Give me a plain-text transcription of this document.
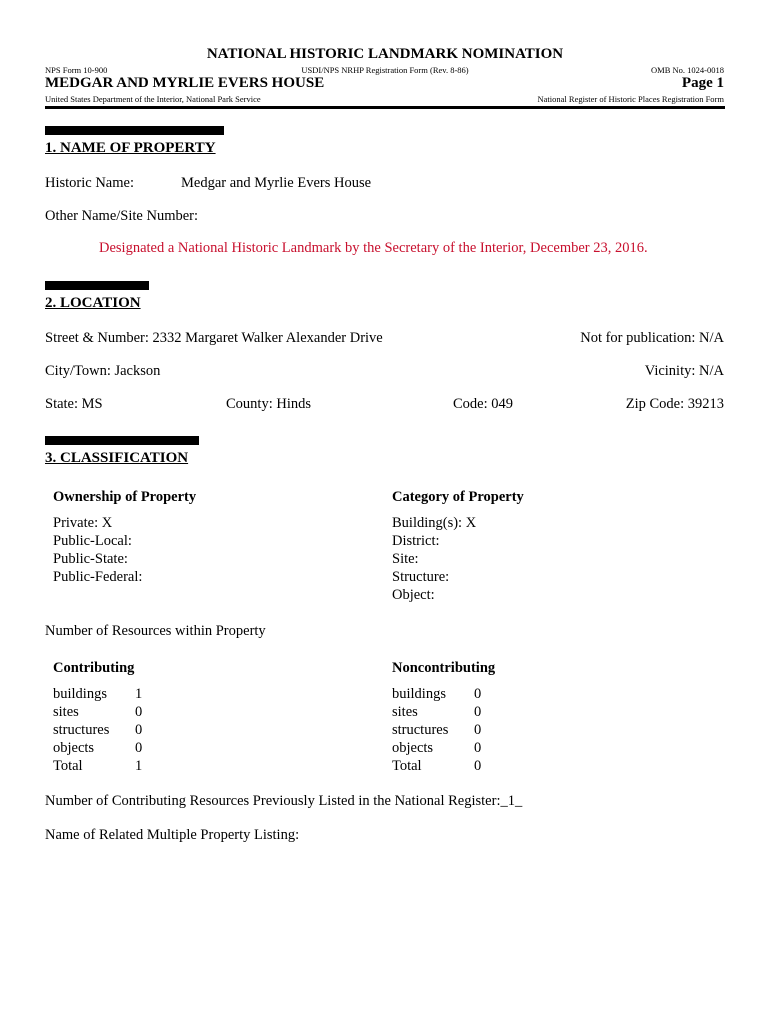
NATIONAL HISTORIC LANDMARK NOMINATION
NPS Form 10-900	USDI/NPS NRHP Registration Form (Rev. 8-86)	OMB No. 1024-0018
MEDGAR AND MYRLIE EVERS HOUSE	Page 1
United States Department of the Interior, National Park Service	National Register of Historic Places Registration Form
1. NAME OF PROPERTY
Historic Name:	Medgar and Myrlie Evers House
Other Name/Site Number:
Designated a National Historic Landmark by the Secretary of the Interior, December 23, 2016.
2. LOCATION
Street & Number: 2332 Margaret Walker Alexander Drive	Not for publication: N/A
City/Town: Jackson	Vicinity: N/A
State: MS	County: Hinds	Code: 049	Zip Code: 39213
3. CLASSIFICATION
Ownership of Property
Private: X
Public-Local:
Public-State:
Public-Federal:
Category of Property
Building(s): X
District:
Site:
Structure:
Object:
Number of Resources within Property
Contributing
buildings	1
sites	0
structures	0
objects	0
Total	1
Noncontributing
buildings	0
sites	0
structures	0
objects	0
Total	0
Number of Contributing Resources Previously Listed in the National Register:_1_
Name of Related Multiple Property Listing:
